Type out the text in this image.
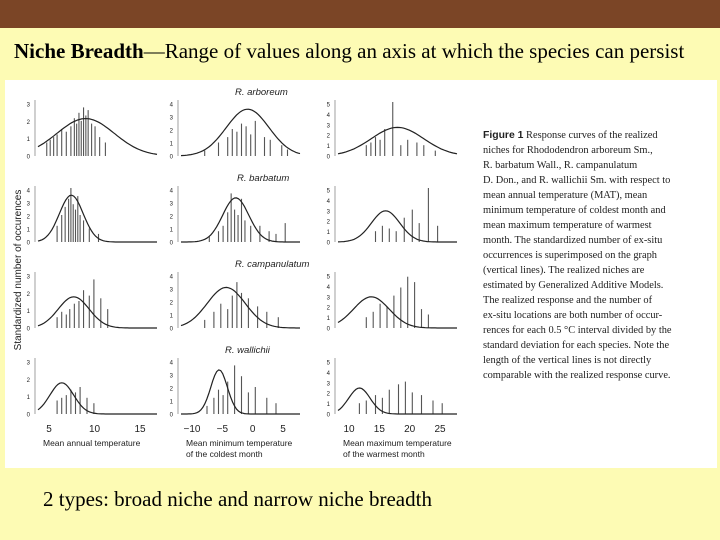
Niche Breadth—Range of values along an axis at which the species can persist
Standardized number of occurences
R. arboreum
R. barbatum
R. campanulatum
R. wallichii
0
1
2
3
0
1
2
3
4
0
1
2
3
4
5
0
1
2
3
4
0
1
2
3
4
0
1
2
3
4
5
0
1
2
3
0
1
2
3
4
0
1
2
3
4
5
0
1
2
3
0
1
2
3
4
0
1
2
3
4
5
5	10	15
Mean annual temperature
−10 −5 0 5
Mean minimum temperature
of the coldest month
10 15 20 25
Mean maximum temperature
of the warmest month
Figure 1 Response curves of the realized
niches for Rhododendron arboreum Sm.,
R. barbatum Wall., R. campanulatum
D. Don., and R. wallichii Sm. with respect to
mean annual temperature (MAT), mean
minimum temperature of coldest month and
mean maximum temperature of warmest
month. The standardized number of ex-situ
occurrences is superimposed on the graph
(vertical lines). The realized niches are
estimated by Generalized Additive Models.
The realized response and the number of
ex-situ locations are both number of occur-
rences for each 0.5 °C interval divided by the
standard deviation for each species. Note the
length of the vertical lines is not directly
comparable with the realized response curve.
2 types: broad niche and narrow niche breadth
